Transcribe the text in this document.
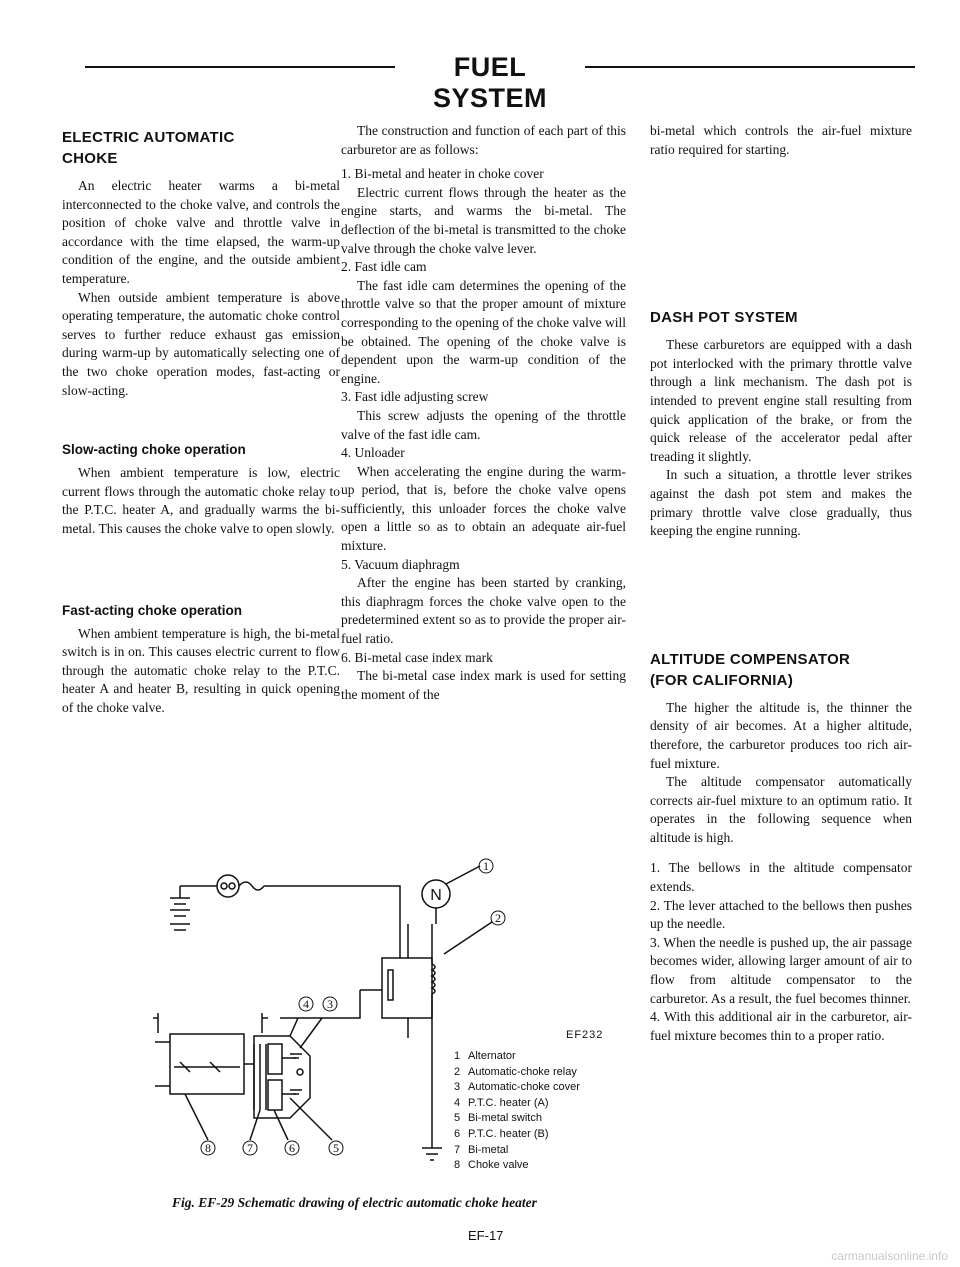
FUEL SYSTEM
ELECTRIC AUTOMATIC CHOKE

An electric heater warms a bi-metal interconnected to the choke valve, and controls the position of choke valve and throttle valve in accordance with the time elapsed, the warm-up condition of the engine, and the outside ambient temperature.

When outside ambient temperature is above operating temperature, the automatic choke control serves to further reduce exhaust gas emission during warm-up by automatically selecting one of the two choke operation modes, fast-acting or slow-acting.

Slow-acting choke operation

When ambient temperature is low, electric current flows through the automatic choke relay to the P.T.C. heater A, and gradually warms the bi-metal. This causes the choke valve to open slowly.

Fast-acting choke operation

When ambient temperature is high, the bi-metal switch is in on. This causes electric current to flow through the automatic choke relay to the P.T.C. heater A and heater B, resulting in quick opening of the choke valve.

The construction and function of each part of this carburetor are as follows:

1. Bi-metal and heater in choke cover

Electric current flows through the heater as the engine starts, and warms the bi-metal. The deflection of the bi-metal is transmitted to the choke valve through the choke valve lever.

2. Fast idle cam

The fast idle cam determines the opening of the throttle valve so that the proper amount of mixture corresponding to the opening of the choke valve will be obtained. The opening of the choke valve is dependent upon the warm-up condition of the engine.

3. Fast idle adjusting screw

This screw adjusts the opening of the throttle valve of the fast idle cam.

4. Unloader

When accelerating the engine during the warm-up period, that is, before the choke valve opens sufficiently, this unloader forces the choke valve open a little so as to obtain an adequate air-fuel mixture.

5. Vacuum diaphragm

After the engine has been started by cranking, this diaphragm forces the choke valve open to the predetermined extent so as to provide the proper air-fuel ratio.

6. Bi-metal case index mark

The bi-metal case index mark is used for setting the moment of the

bi-metal which controls the air-fuel mixture ratio required for starting.

DASH POT SYSTEM

These carburetors are equipped with a dash pot interlocked with the primary throttle valve through a link mechanism. The dash pot is intended to prevent engine stall resulting from quick application of the brake, or from the quick release of the accelerator pedal after treading it slightly.

In such a situation, a throttle lever strikes against the dash pot stem and makes the primary throttle valve close gradually, thus keeping the engine running.

ALTITUDE COMPENSATOR (FOR CALIFORNIA)

The higher the altitude is, the thinner the density of air becomes. At a higher altitude, therefore, the carburetor produces too rich air-fuel mixture.

The altitude compensator automatically corrects air-fuel mixture to an optimum ratio. It operates in the following sequence when altitude is high.

1. The bellows in the altitude compensator extends.

2. The lever attached to the bellows then pushes up the needle.

3. When the needle is pushed up, the air passage becomes wider, allowing larger amount of air to flow from altitude compensator to the carburetor. As a result, the fuel becomes thinner.

4. With this additional air in the carburetor, air-fuel mixture becomes thin to a proper ratio.

N
1
2
3
4
5
6
7
8
EF232
1 Alternator
2 Automatic-choke relay
3 Automatic-choke cover
4 P.T.C. heater (A)
5 Bi-metal switch
6 P.T.C. heater (B)
7 Bi-metal
8 Choke valve
Fig. EF-29 Schematic drawing of electric automatic choke heater
EF-17
carmanualsonline.info
